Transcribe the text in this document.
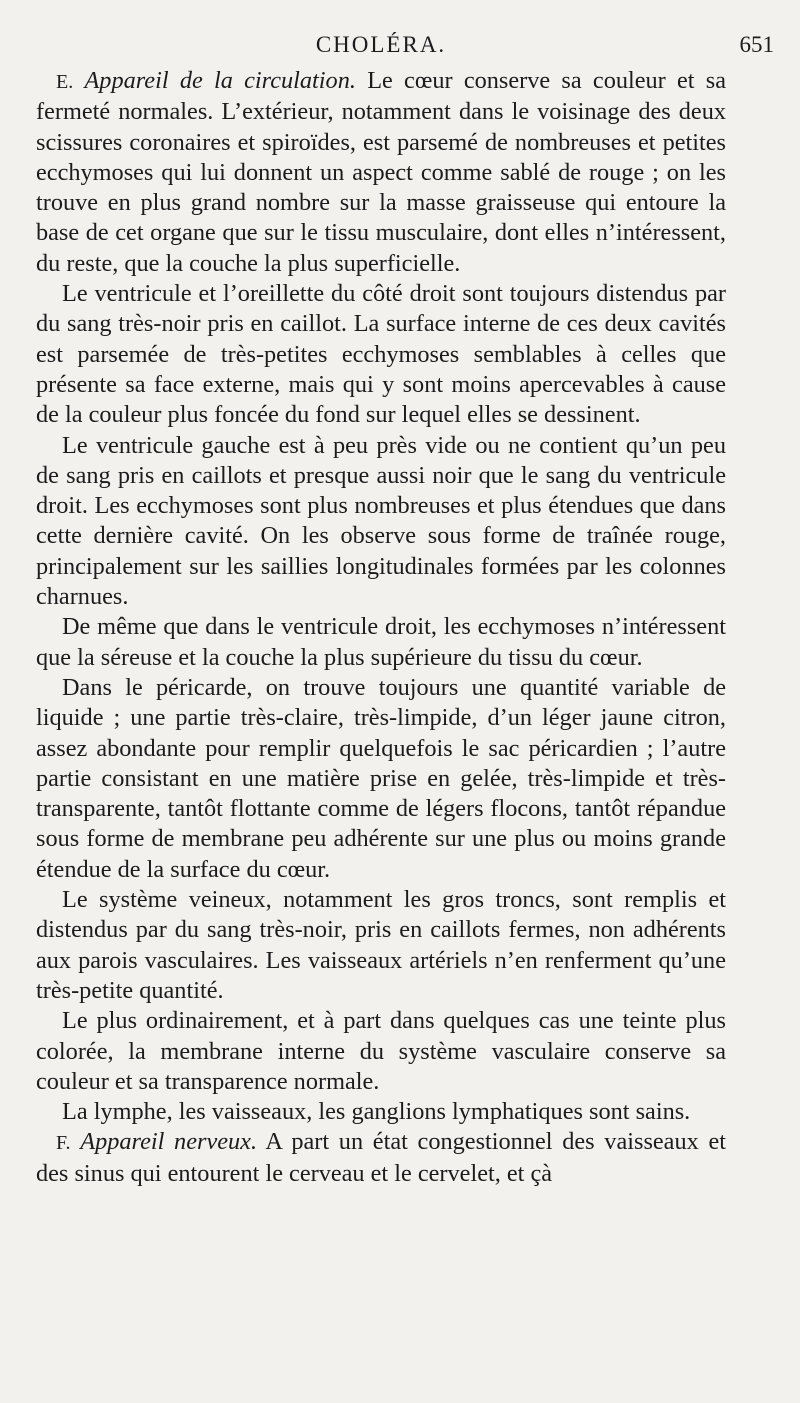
CHOLÉRA.	651

E. Appareil de la circulation. Le cœur conserve sa couleur et sa fermeté normales. L’extérieur, notamment dans le voisinage des deux scissures coronaires et spiroïdes, est parsemé de nombreuses et petites ecchymoses qui lui donnent un aspect comme sablé de rouge ; on les trouve en plus grand nombre sur la masse graisseuse qui entoure la base de cet organe que sur le tissu musculaire, dont elles n’intéressent, du reste, que la couche la plus superficielle.

Le ventricule et l’oreillette du côté droit sont toujours distendus par du sang très-noir pris en caillot. La surface interne de ces deux cavités est parsemée de très-petites ecchymoses semblables à celles que présente sa face externe, mais qui y sont moins apercevables à cause de la couleur plus foncée du fond sur lequel elles se dessinent.

Le ventricule gauche est à peu près vide ou ne contient qu’un peu de sang pris en caillots et presque aussi noir que le sang du ventricule droit. Les ecchymoses sont plus nombreuses et plus étendues que dans cette dernière cavité. On les observe sous forme de traînée rouge, principalement sur les saillies longitudinales formées par les colonnes charnues.

De même que dans le ventricule droit, les ecchymoses n’intéressent que la séreuse et la couche la plus supérieure du tissu du cœur.

Dans le péricarde, on trouve toujours une quantité variable de liquide ; une partie très-claire, très-limpide, d’un léger jaune citron, assez abondante pour remplir quelquefois le sac péricardien ; l’autre partie consistant en une matière prise en gelée, très-limpide et très-transparente, tantôt flottante comme de légers flocons, tantôt répandue sous forme de membrane peu adhérente sur une plus ou moins grande étendue de la surface du cœur.

Le système veineux, notamment les gros troncs, sont remplis et distendus par du sang très-noir, pris en caillots fermes, non adhérents aux parois vasculaires. Les vaisseaux artériels n’en renferment qu’une très-petite quantité.

Le plus ordinairement, et à part dans quelques cas une teinte plus colorée, la membrane interne du système vasculaire conserve sa couleur et sa transparence normale.

La lymphe, les vaisseaux, les ganglions lymphatiques sont sains.

F. Appareil nerveux. A part un état congestionnel des vaisseaux et des sinus qui entourent le cerveau et le cervelet, et çà
